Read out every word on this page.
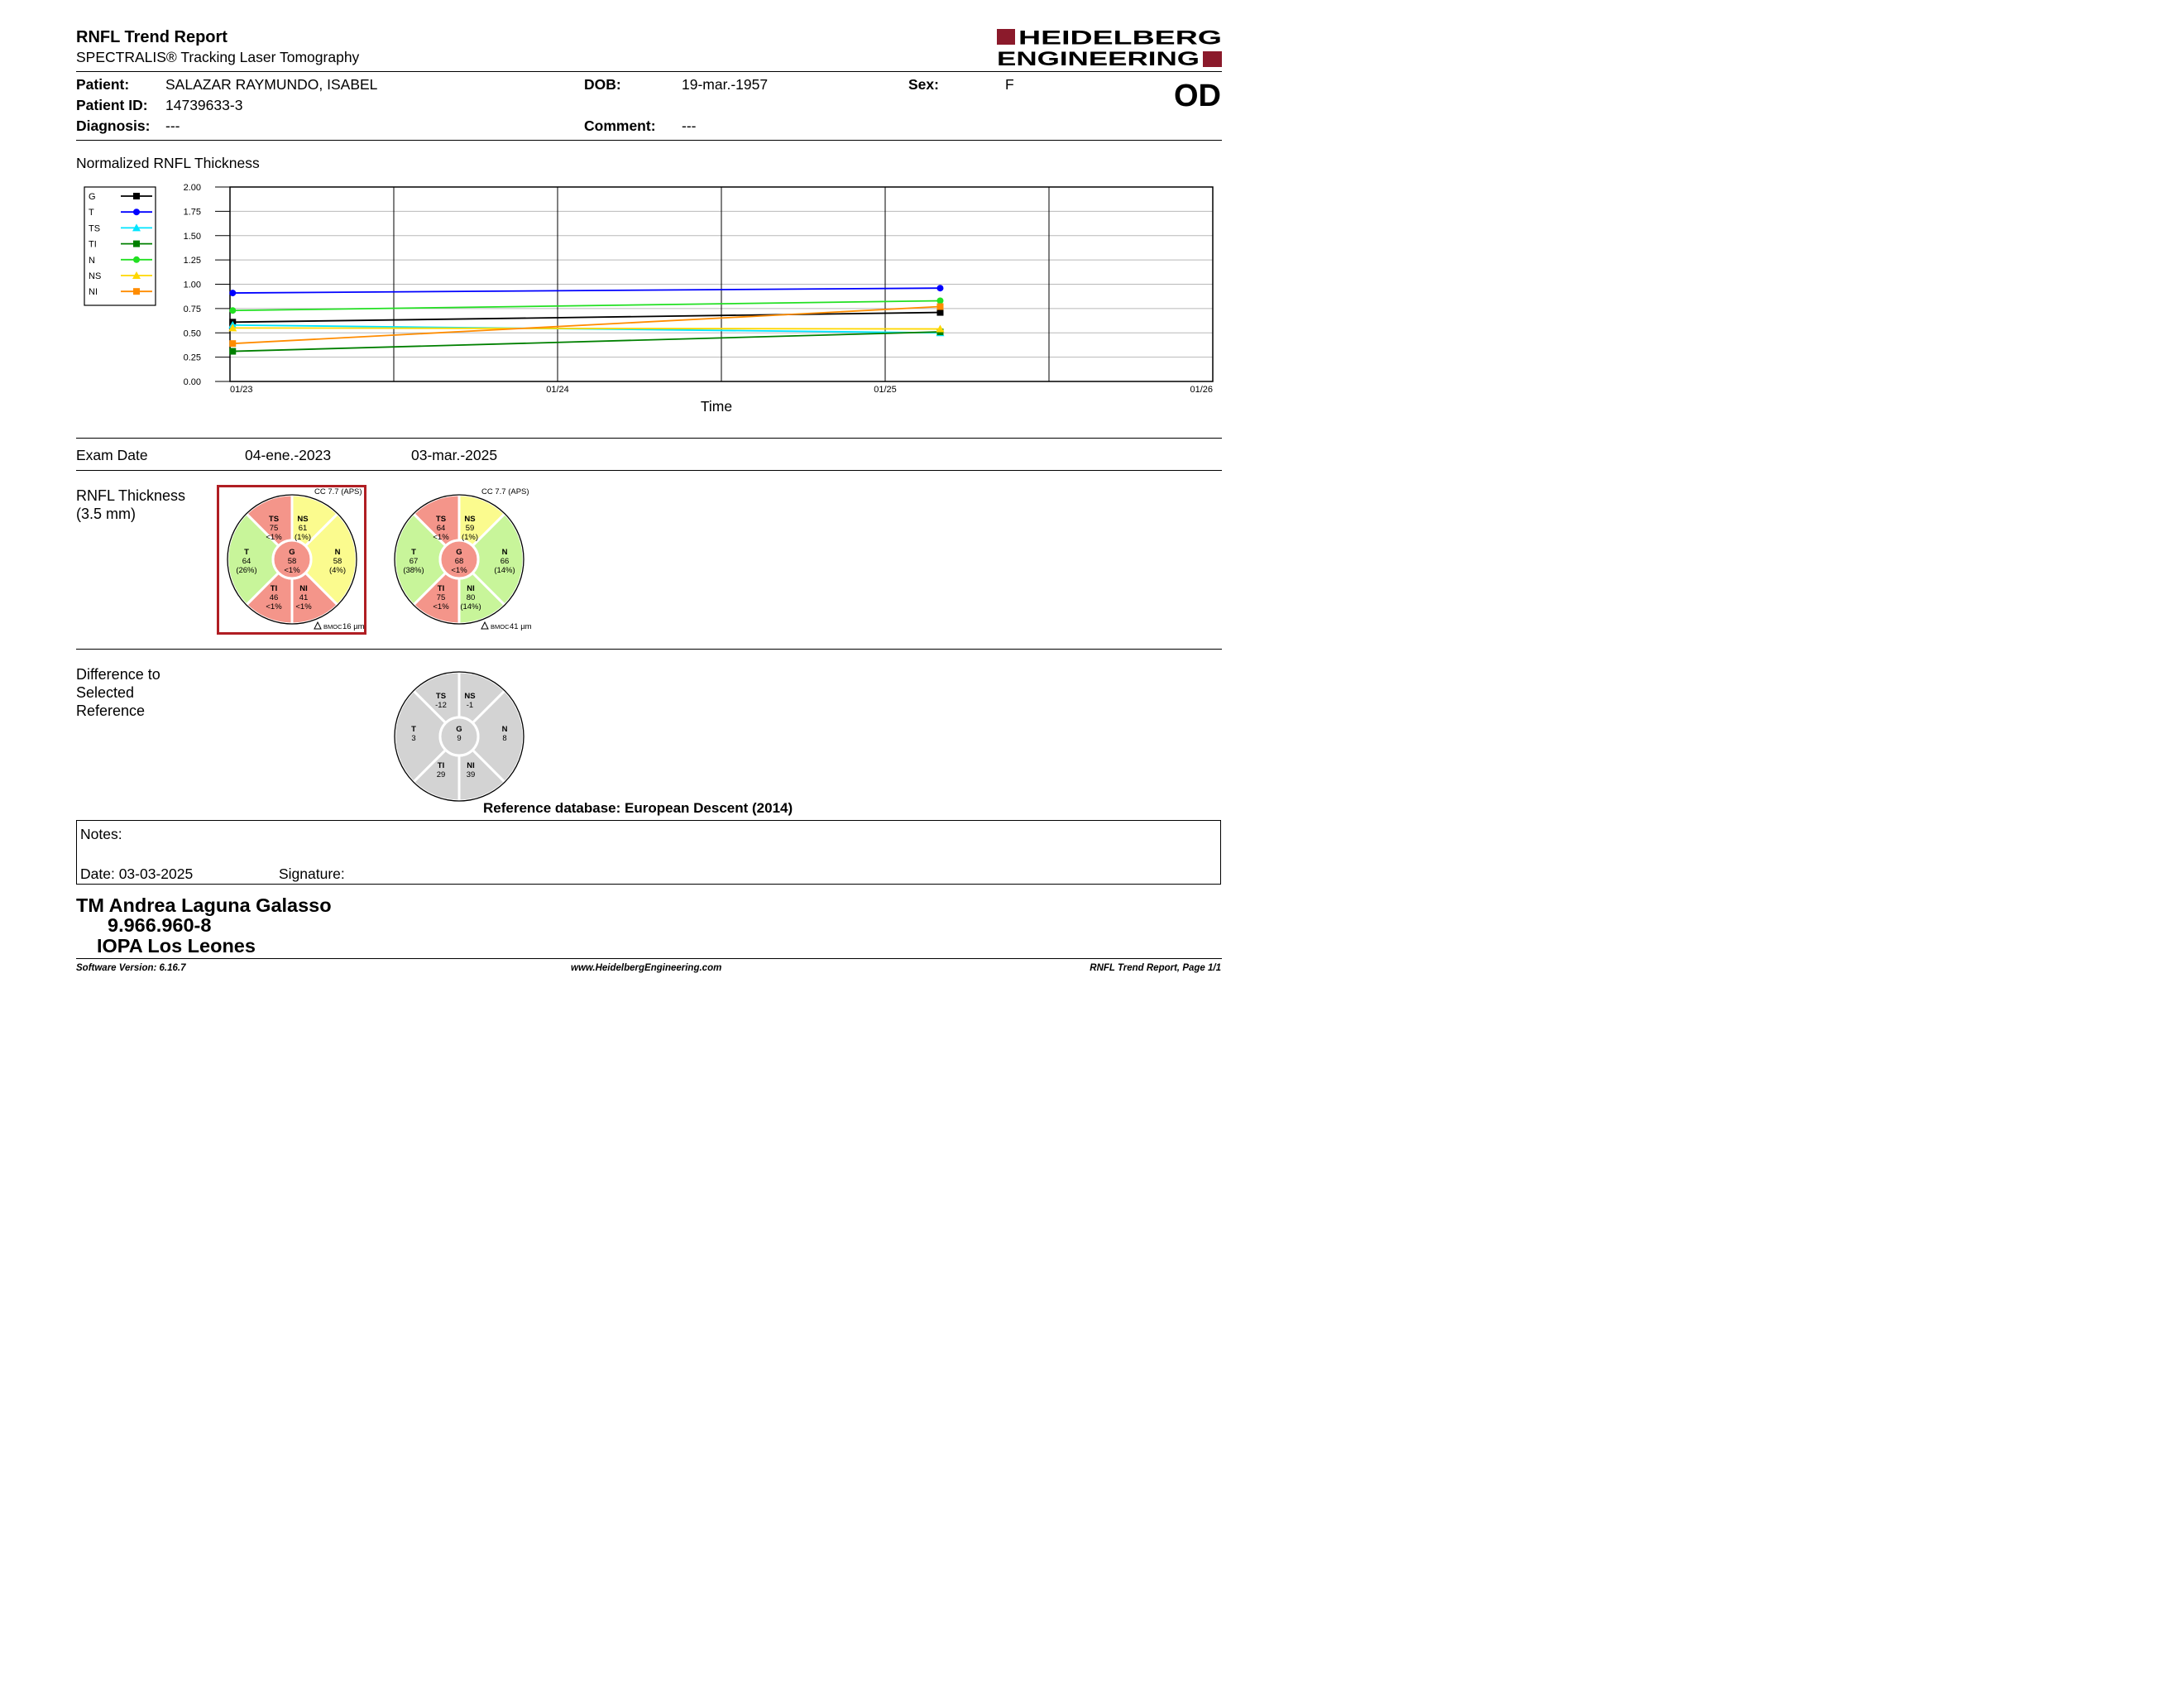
RNFL Trend Report
SPECTRALIS® Tracking Laser Tomography
HEIDELBERG
ENGINEERING
Patient:	SALAZAR RAYMUNDO, ISABEL
Patient ID: 14739633-3
Diagnosis: ---
DOB:	19-mar.-1957
Comment: ---
Sex:	F	OD
Normalized RNFL Thickness
0.00
0.25
0.50
0.75
1.00
1.25
1.50
1.75
2.00
01/23	01/24	01/25	01/26
Time
G
T
TS
TI
N
NS
NI
Exam Date	04-ene.-2023	03-mar.-2025
RNFL Thickness
(3.5 mm)	TS
75
<1%
NS
61
(1%)
T
64
(26%)
N
58
(4%)
TI
46
<1%
NI
41
<1%
G
58
<1%
CC 7.7 (APS)
BMOC 16 µm
TS
64
<1%
NS
59
(1%)
T
67
(38%)
N
66
(14%)
TI
75
<1%
NI
80
(14%)
G
68
<1%
CC 7.7 (APS)
BMOC 41 µm
Difference to
Selected
Reference
TS
-12
NS
-1
T
3
N
8
TI
29
NI
39
G
9
Reference database: European Descent (2014)
Notes:
Date: 03-03-2025	Signature:
TM Andrea Laguna Galasso
9.966.960-8
IOPA Los Leones
Software Version: 6.16.7	www.HeidelbergEngineering.com	RNFL Trend Report, Page 1/1
